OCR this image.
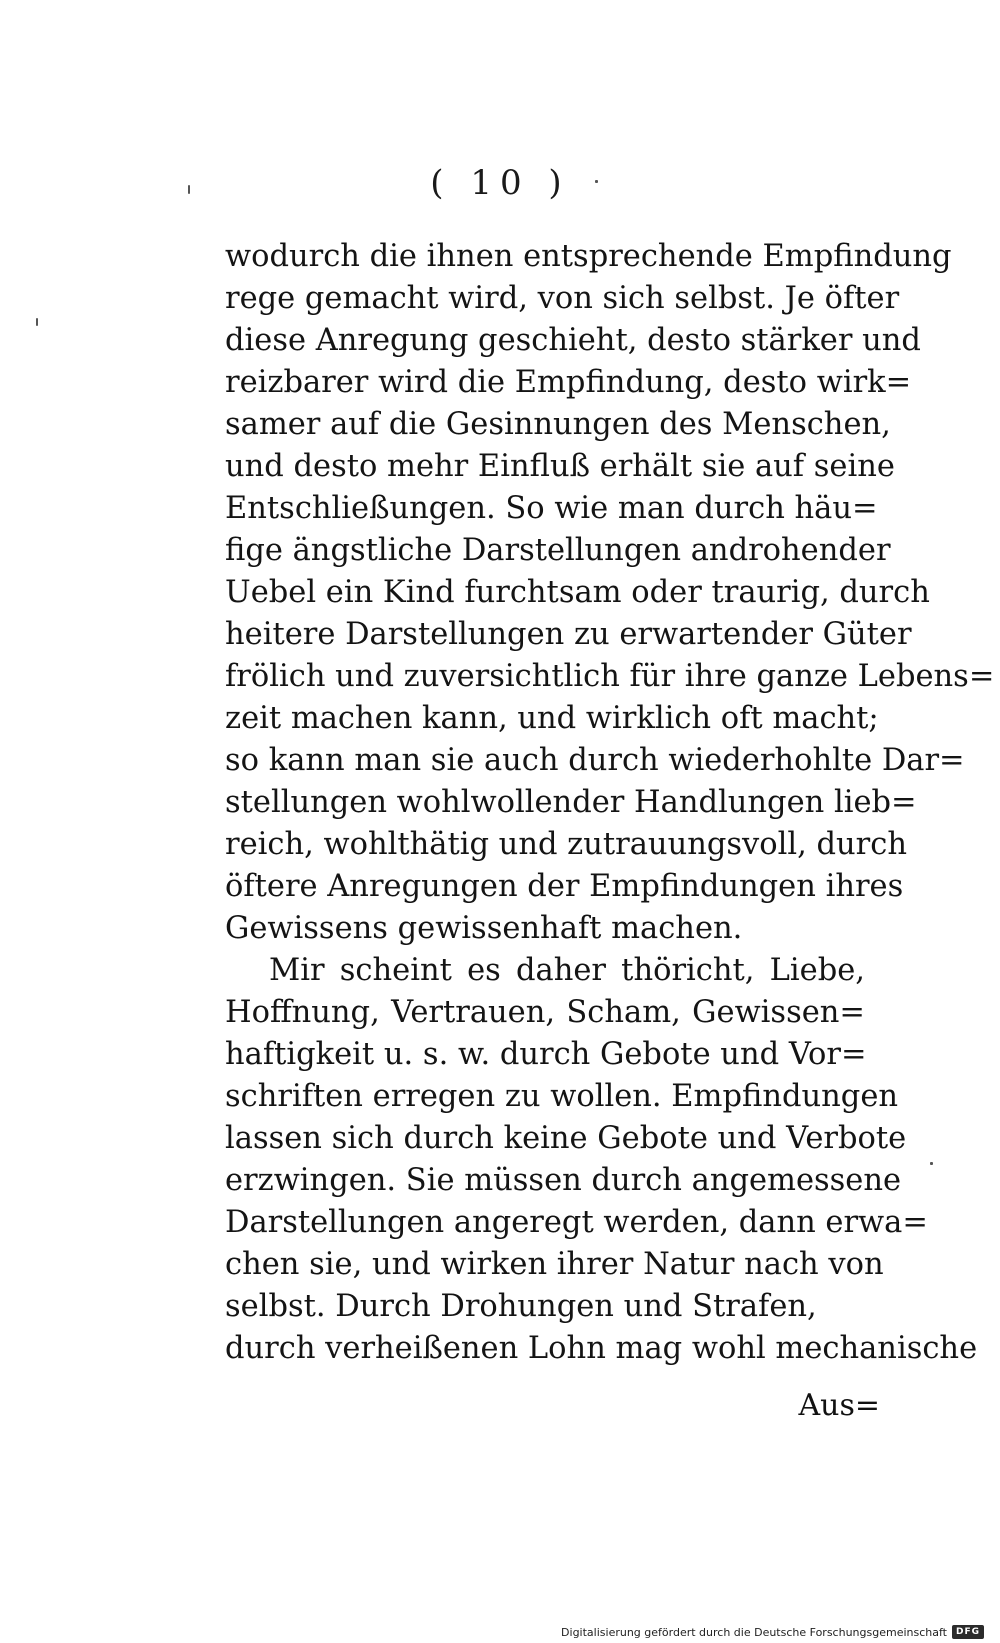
( 10 )
wodurch die ihnen entsprechende Empfindung
rege gemacht wird, von sich selbst. Je öfter
diese Anregung geschieht, desto stärker und
reizbarer wird die Empfindung, desto wirk=
samer auf die Gesinnungen des Menschen,
und desto mehr Einfluß erhält sie auf seine
Entschließungen. So wie man durch häu=
fige ängstliche Darstellungen androhender
Uebel ein Kind furchtsam oder traurig, durch
heitere Darstellungen zu erwartender Güter
frölich und zuversichtlich für ihre ganze Lebens=
zeit machen kann, und wirklich oft macht;
so kann man sie auch durch wiederhohlte Dar=
stellungen wohlwollender Handlungen lieb=
reich, wohlthätig und zutrauungsvoll, durch
öftere Anregungen der Empfindungen ihres
Gewissens gewissenhaft machen.
Mir scheint es daher thöricht, Liebe,
Hoffnung, Vertrauen, Scham, Gewissen=
haftigkeit u. s. w. durch Gebote und Vor=
schriften erregen zu wollen. Empfindungen
lassen sich durch keine Gebote und Verbote
erzwingen. Sie müssen durch angemessene
Darstellungen angeregt werden, dann erwa=
chen sie, und wirken ihrer Natur nach von
selbst. Durch Drohungen und Strafen,
durch verheißenen Lohn mag wohl mechanische
Aus=
Digitalisierung gefördert durch die Deutsche Forschungsgemeinschaft	DFG
